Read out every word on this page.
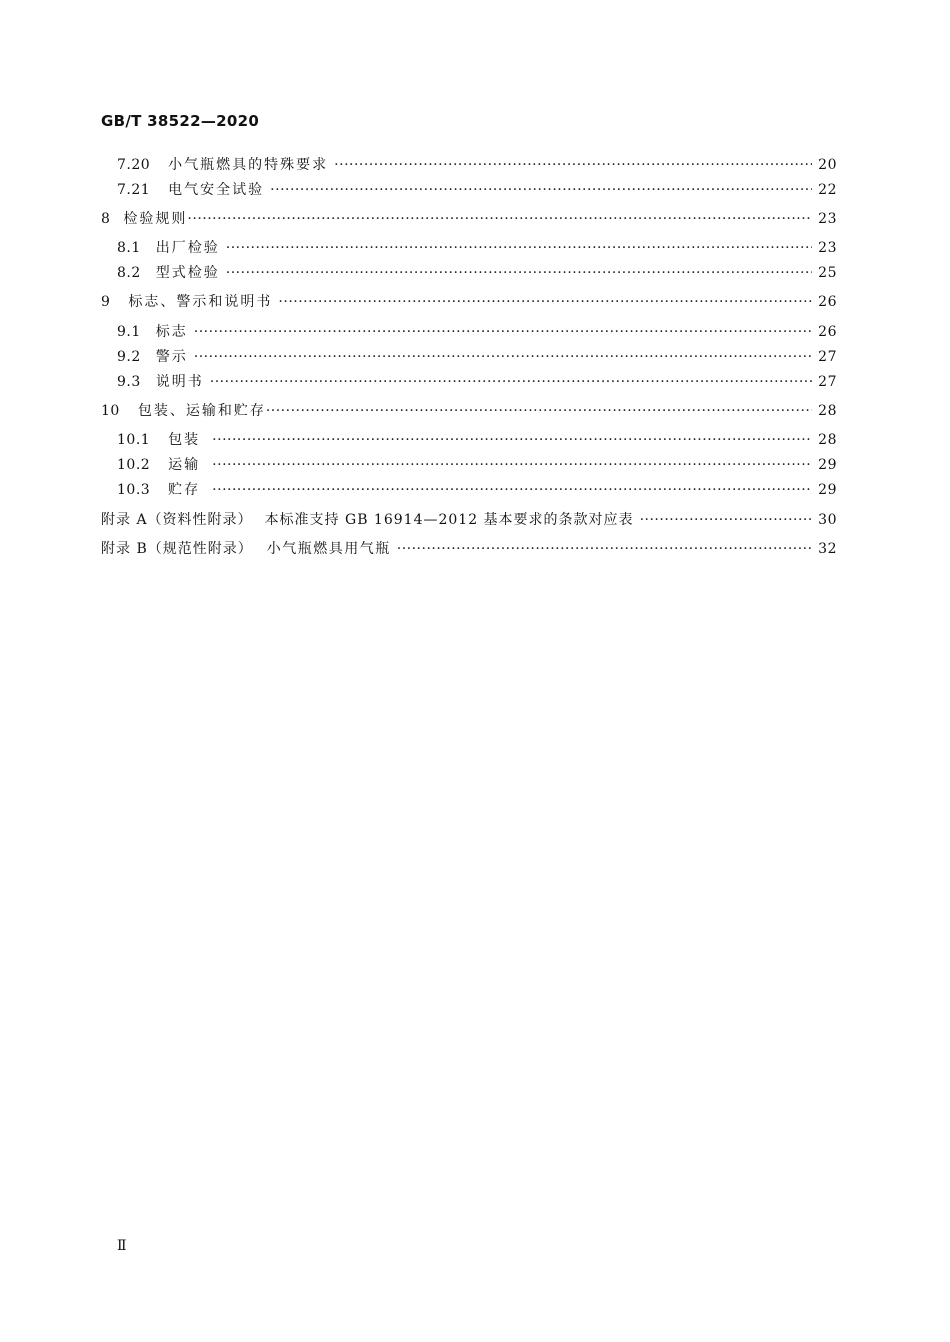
GB/T 38522—2020
7.20 小气瓶燃具的特殊要求 ·····	20
7.21 电气安全试验 ·····	22
8 检验规则 ·····	23
8.1 出厂检验 ·····	23
8.2 型式检验 ·····	25
9 标志、警示和说明书 ·····	26
9.1 标志 ·····	26
9.2 警示 ·····	27
9.3 说明书 ·····	27
10 包装、运输和贮存 ·····	28
10.1 包装 ·····	28
10.2 运输 ·····	29
10.3 贮存 ·····	29
附录 A（资料性附录） 本标准支持 GB 16914—2012 基本要求的条款对应表 ·····	30
附录 B（规范性附录） 小气瓶燃具用气瓶 ·····	32
Ⅱ
